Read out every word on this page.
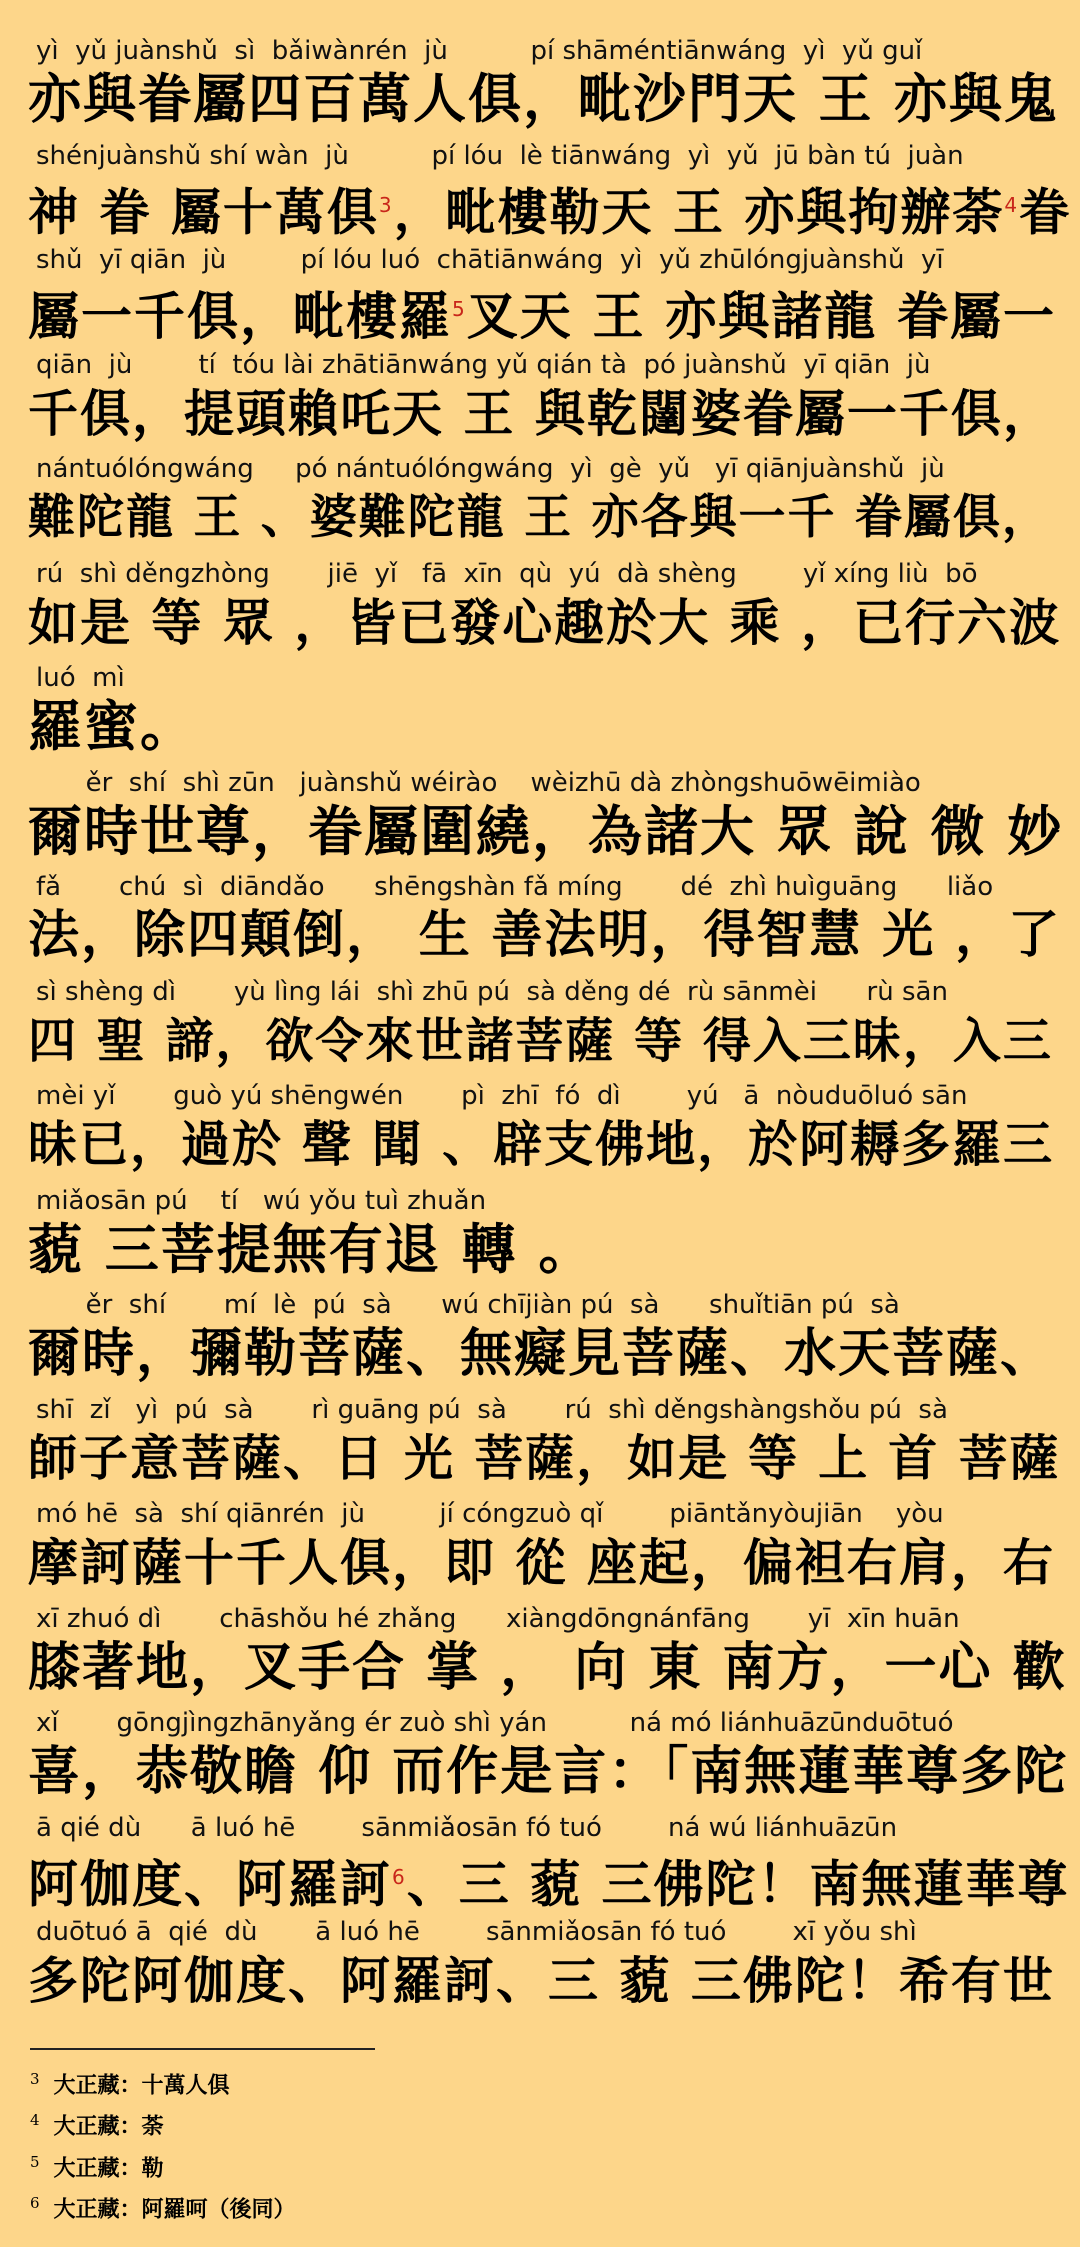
yì  yǔ juànshǔ  sì  bǎiwànrén  jù          pí shāméntiānwáng  yì  yǔ guǐ
亦與眷屬四百萬人俱，毗沙門天 王 亦與鬼
shénjuànshǔ shí wàn  jù          pí lóu  lè tiānwáng  yì  yǔ  jū bàn tú  juàn
神 眷 屬十萬俱$^3$，毗樓勒天 王 亦與拘辦荼$^4$眷
shǔ  yī qiān  jù         pí lóu luó  chātiānwáng  yì  yǔ zhūlóngjuànshǔ  yī
屬一千俱，毗樓羅$^5$叉天 王 亦與諸龍 眷屬一
qiān  jù        tí  tóu lài zhātiānwáng yǔ qián tà  pó juànshǔ  yī qiān  jù
千俱，提頭賴吒天 王 與乾闥婆眷屬一千俱，
nántuólóngwáng     pó nántuólóngwáng  yì  gè  yǔ   yī qiānjuànshǔ  jù
難陀龍 王 、婆難陀龍 王 亦各與一千 眷屬俱，
rú  shì děngzhòng       jiē  yǐ   fā  xīn  qù  yú  dà shèng        yǐ xíng liù  bō
如是 等 眾 ，皆已發心趣於大 乘 ，已行六波
luó  mì
羅蜜。
ěr  shí  shì zūn   juànshǔ wéirào    wèizhū dà zhòngshuōwēimiào
爾時世尊，眷屬圍繞，為諸大 眾 說 微 妙
fǎ       chú  sì  diāndǎo      shēngshàn fǎ míng       dé  zhì huìguāng      liǎo
法，除四顛倒， 生 善法明，得智慧 光 ，了
sì shèng dì       yù lìng lái  shì zhū pú  sà děng dé  rù sānmèi      rù sān
四 聖 諦，欲令來世諸菩薩 等 得入三昧，入三
mèi yǐ       guò yú shēngwén       pì  zhī  fó  dì        yú   ā  nòuduōluó sān
昧已，過於 聲 聞 、辟支佛地，於阿耨多羅三
miǎosān pú    tí   wú yǒu tuì zhuǎn
藐 三菩提無有退 轉 。
ěr  shí       mí  lè  pú  sà      wú chījiàn pú  sà      shuǐtiān pú  sà
爾時，彌勒菩薩、無癡見菩薩、水天菩薩、
shī  zǐ   yì  pú  sà       rì guāng pú  sà       rú  shì děngshàngshǒu pú  sà
師子意菩薩、日 光 菩薩，如是 等 上 首 菩薩
mó hē  sà  shí qiānrén  jù         jí cóngzuò qǐ        piāntǎnyòujiān    yòu
摩訶薩十千人俱，即 從 座起，偏袒右肩，右
xī zhuó dì       chāshǒu hé zhǎng      xiàngdōngnánfāng       yī  xīn huān
膝著地，叉手合 掌 ， 向 東 南方，一心 歡
xǐ       gōngjìngzhānyǎng ér zuò shì yán          ná mó liánhuāzūnduōtuó
喜，恭敬瞻 仰 而作是言：「南無蓮華尊多陀
ā qié dù      ā luó hē        sānmiǎosān fó tuó        ná wú liánhuāzūn
阿伽度、阿羅訶$^6$、三 藐 三佛陀！南無蓮華尊
duōtuó ā  qié  dù       ā luó hē        sānmiǎosān fó tuó        xī yǒu shì
多陀阿伽度、阿羅訶、三 藐 三佛陀！希有世
$^3$ 大正藏：十萬人俱
$^4$ 大正藏：荼
$^5$ 大正藏：勒
$^6$ 大正藏：阿羅呵（後同）
